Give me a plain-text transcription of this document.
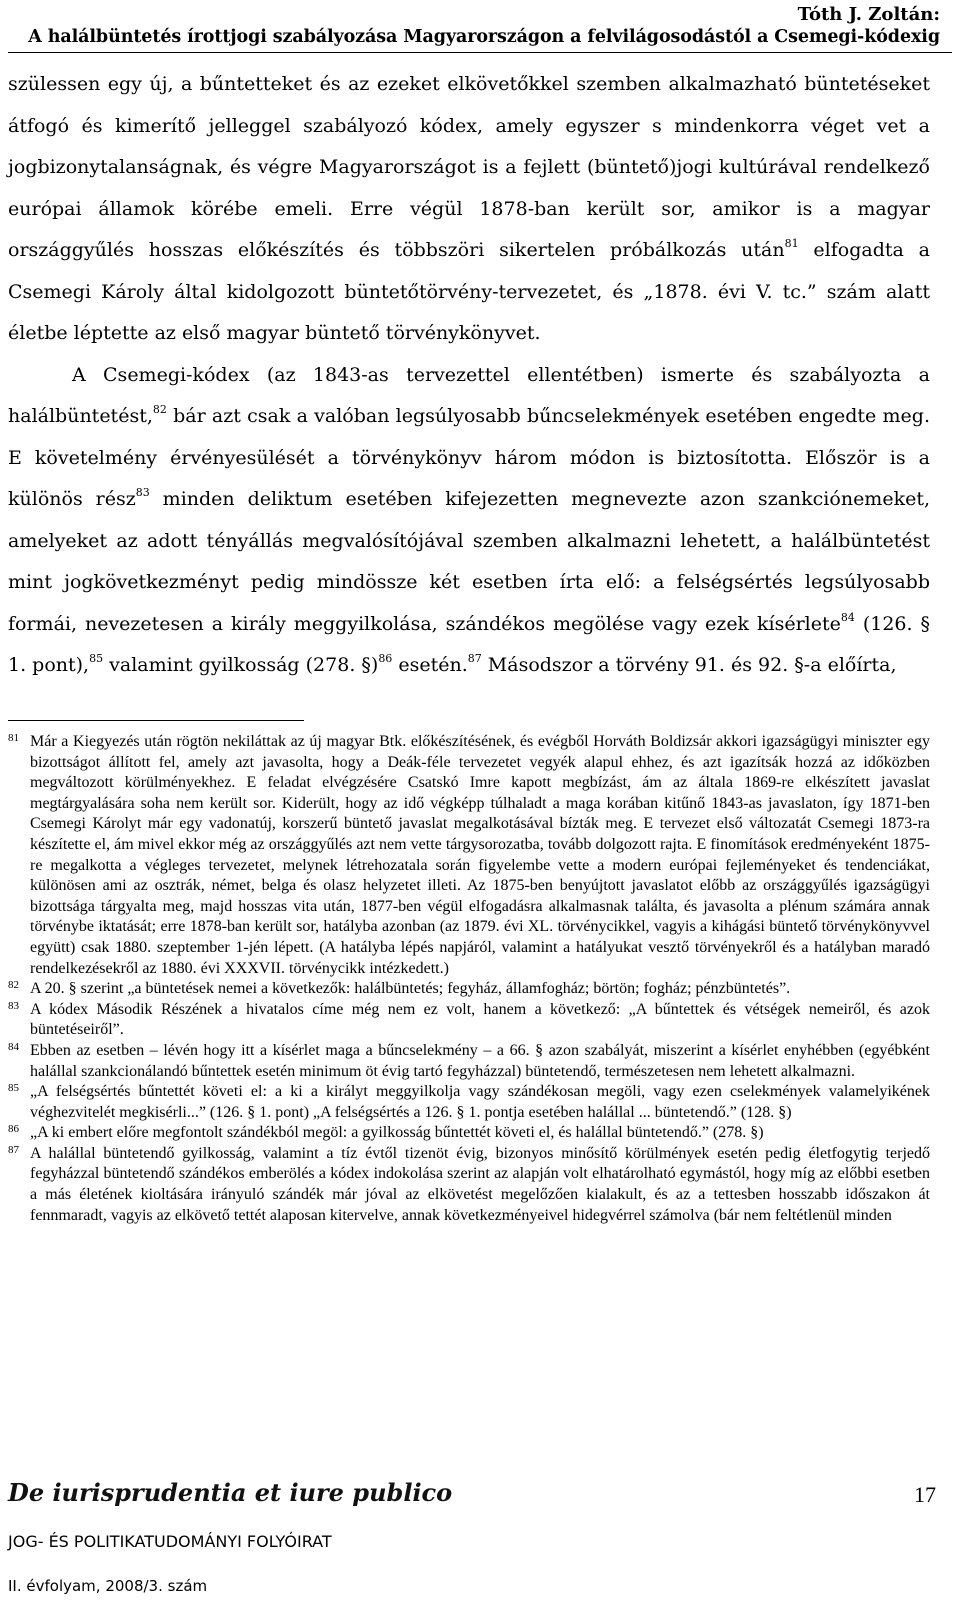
Tóth J. Zoltán:
A halálbüntetés írottjogi szabályozása Magyarországon a felvilágosodástól a Csemegi-kódexig

szülessen egy új, a bűntetteket és az ezeket elkövetőkkel szemben alkalmazható büntetéseket átfogó és kimerítő jelleggel szabályozó kódex, amely egyszer s mindenkorra véget vet a jogbizonytalanságnak, és végre Magyarországot is a fejlett (büntető)jogi kultúrával rendelkező európai államok körébe emeli. Erre végül 1878-ban került sor, amikor is a magyar országgyűlés hosszas előkészítés és többszöri sikertelen próbálkozás után$^{81}$ elfogadta a Csemegi Károly által kidolgozott büntetőtörvény-tervezetet, és „1878. évi V. tc.” szám alatt életbe léptette az első magyar büntető törvénykönyvet.

A Csemegi-kódex (az 1843-as tervezettel ellentétben) ismerte és szabályozta a halálbüntetést,$^{82}$ bár azt csak a valóban legsúlyosabb bűncselekmények esetében engedte meg. E követelmény érvényesülését a törvénykönyv három módon is biztosította. Először is a különös rész$^{83}$ minden deliktum esetében kifejezetten megnevezte azon szankciónemeket, amelyeket az adott tényállás megvalósítójával szemben alkalmazni lehetett, a halálbüntetést mint jogkövetkezményt pedig mindössze két esetben írta elő: a felségsértés legsúlyosabb formái, nevezetesen a király meggyilkolása, szándékos megölése vagy ezek kísérlete$^{84}$ (126. § 1. pont),$^{85}$ valamint gyilkosság (278. §)$^{86}$ esetén.$^{87}$ Másodszor a törvény 91. és 92. §-a előírta,

81 Már a Kiegyezés után rögtön nekiláttak az új magyar Btk. előkészítésének, és evégből Horváth Boldizsár akkori igazságügyi miniszter egy bizottságot állított fel, amely azt javasolta, hogy a Deák-féle tervezetet vegyék alapul ehhez, és azt igazítsák hozzá az időközben megváltozott körülményekhez. E feladat elvégzésére Csatskó Imre kapott megbízást, ám az általa 1869-re elkészített javaslat megtárgyalására soha nem került sor. Kiderült, hogy az idő végképp túlhaladt a maga korában kitűnő 1843-as javaslaton, így 1871-ben Csemegi Károlyt már egy vadonatúj, korszerű büntető javaslat megalkotásával bízták meg. E tervezet első változatát Csemegi 1873-ra készítette el, ám mivel ekkor még az országgyűlés azt nem vette tárgysorozatba, tovább dolgozott rajta. E finomítások eredményeként 1875-re megalkotta a végleges tervezetet, melynek létrehozatala során figyelembe vette a modern európai fejleményeket és tendenciákat, különösen ami az osztrák, német, belga és olasz helyzetet illeti. Az 1875-ben benyújtott javaslatot előbb az országgyűlés igazságügyi bizottsága tárgyalta meg, majd hosszas vita után, 1877-ben végül elfogadásra alkalmasnak találta, és javasolta a plénum számára annak törvénybe iktatását; erre 1878-ban került sor, hatályba azonban (az 1879. évi XL. törvénycikkel, vagyis a kihágási büntető törvénykönyvvel együtt) csak 1880. szeptember 1-jén lépett. (A hatályba lépés napjáról, valamint a hatályukat vesztő törvényekről és a hatályban maradó rendelkezésekről az 1880. évi XXXVII. törvénycikk intézkedett.)

82 A 20. § szerint „a büntetések nemei a következők: halálbüntetés; fegyház, államfogház; börtön; fogház; pénzbüntetés”.

83 A kódex Második Részének a hivatalos címe még nem ez volt, hanem a következő: „A bűntettek és vétségek nemeiről, és azok büntetéseiről”.

84 Ebben az esetben – lévén hogy itt a kísérlet maga a bűncselekmény – a 66. § azon szabályát, miszerint a kísérlet enyhébben (egyébként halállal szankcionálandó bűntettek esetén minimum öt évig tartó fegyházzal) büntetendő, természetesen nem lehetett alkalmazni.

85 „A felségsértés bűntettét követi el: a ki a királyt meggyilkolja vagy szándékosan megöli, vagy ezen cselekmények valamelyikének véghezvitelét megkisérli...” (126. § 1. pont) „A felségsértés a 126. § 1. pontja esetében halállal ... büntetendő.” (128. §)

86 „A ki embert előre megfontolt szándékból megöl: a gyilkosság bűntettét követi el, és halállal büntetendő.” (278. §)

87 A halállal büntetendő gyilkosság, valamint a tíz évtől tizenöt évig, bizonyos minősítő körülmények esetén pedig életfogytig terjedő fegyházzal büntetendő szándékos emberölés a kódex indokolása szerint az alapján volt elhatárolható egymástól, hogy míg az előbbi esetben a más életének kioltására irányuló szándék már jóval az elkövetést megelőzően kialakult, és az a tettesben hosszabb időszakon át fennmaradt, vagyis az elkövető tettét alaposan kitervelve, annak következményeivel hidegvérrel számolva (bár nem feltétlenül minden

De iurisprudentia et iure publico	17
JOG- ÉS POLITIKATUDOMÁNYI FOLYÓIRAT
II. évfolyam, 2008/3. szám
